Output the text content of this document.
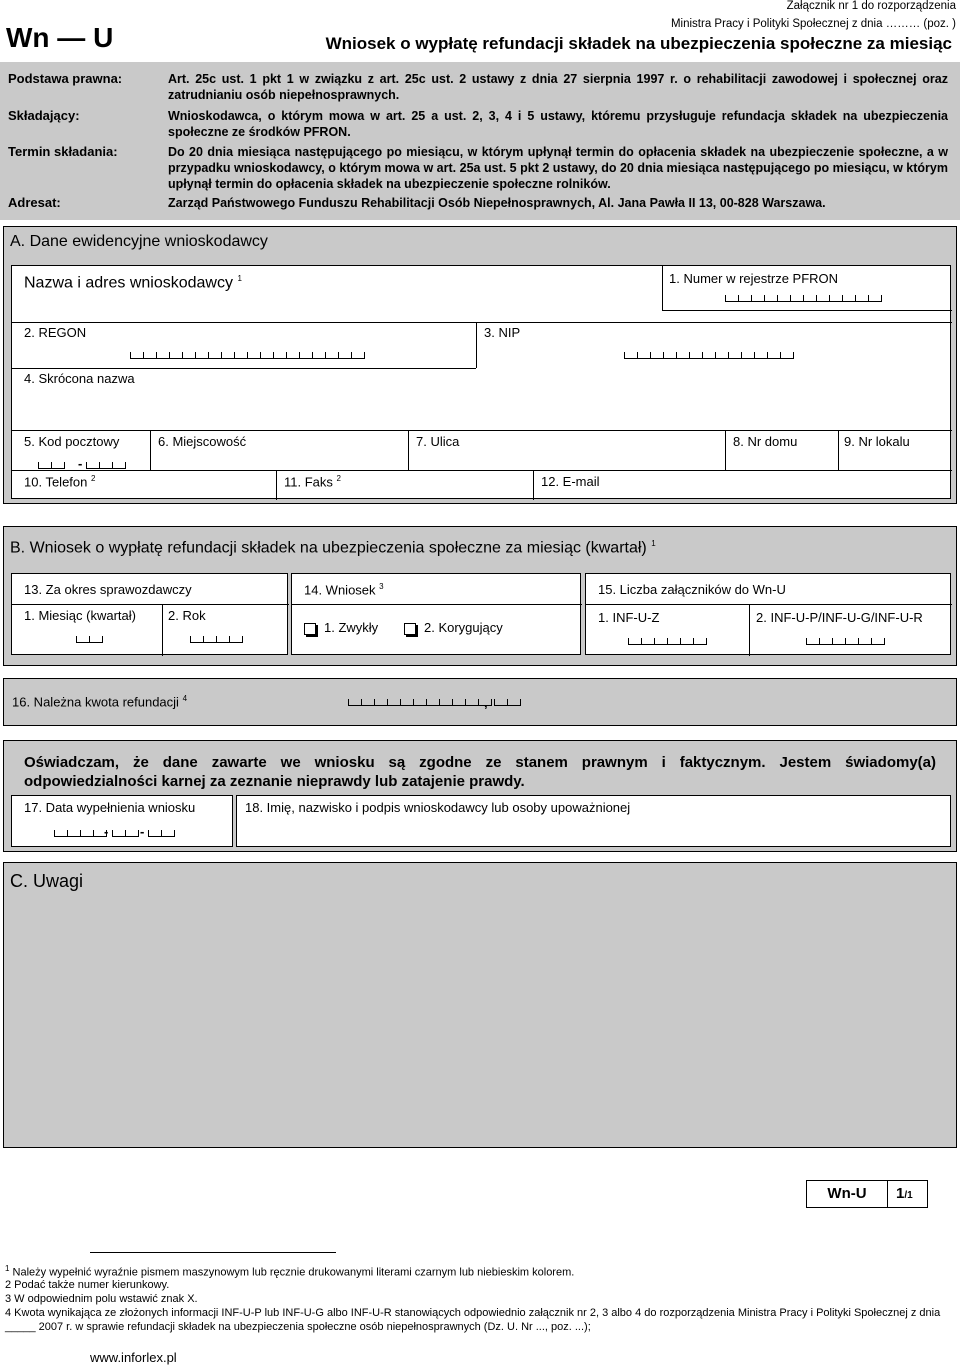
Wn — U
Załącznik nr 1 do rozporządzenia
Ministra Pracy i Polityki Społecznej z dnia ……… (poz. )
Wniosek o wypłatę refundacji składek na ubezpieczenia społeczne za miesiąc
Podstawa prawna:	Art. 25c ust. 1 pkt 1 w związku z art. 25c ust. 2 ustawy z dnia 27 sierpnia 1997 r. o rehabilitacji zawodowej i społecznej oraz zatrudnianiu osób niepełnosprawnych.
Składający:	Wnioskodawca, o którym mowa w art. 25 a ust. 2, 3, 4 i 5 ustawy, któremu przysługuje refundacja składek na ubezpieczenia społeczne ze środków PFRON.
Termin składania:	Do 20 dnia miesiąca następującego po miesiącu, w którym upłynął termin do opłacenia składek na ubezpieczenie społeczne, a w przypadku wnioskodawcy, o którym mowa w art. 25a ust. 5 pkt 2 ustawy, do 20 dnia miesiąca następującego po miesiącu, w którym upłynął termin do opłacenia składek na ubezpieczenie społeczne rolników.
Adresat:	Zarząd Państwowego Funduszu Rehabilitacji Osób Niepełnosprawnych, Al. Jana Pawła II 13, 00-828 Warszawa.
A. Dane ewidencyjne wnioskodawcy
Nazwa i adres wnioskodawcy $^1$	1. Numer w rejestrze PFRON
2. REGON	3. NIP
4. Skrócona nazwa
5. Kod pocztowy
-
6. Miejscowość	7. Ulica	8. Nr domu	9. Nr lokalu
10. Telefon $^2$	11. Faks $^2$	12. E-mail
B. Wniosek o wypłatę refundacji składek na ubezpieczenia społeczne za miesiąc (kwartał) $^1$
13. Za okres sprawozdawczy
1. Miesiąc (kwartał) 2. Rok
14. Wniosek $^3$
1. Zwykły	2. Korygujący
15. Liczba załączników do Wn-U
1. INF-U-Z	2. INF-U-P/INF-U-G/INF-U-R
16. Należna kwota refundacji $^4$	,
Oświadczam, że dane zawarte we wniosku są zgodne ze stanem prawnym i faktycznym. Jestem świadomy(a) odpowiedzialności karnej za zeznanie nieprawdy lub zatajenie prawdy.
17. Data wypełnienia wniosku
- -
18. Imię, nazwisko i podpis wnioskodawcy lub osoby upoważnionej
C. Uwagi
Wn-U	1/1
$^1$ Należy wypełnić wyraźnie pismem maszynowym lub ręcznie drukowanymi literami czarnym lub niebieskim kolorem.
2 Podać także numer kierunkowy.
3 W odpowiednim polu wstawić znak X.
4 Kwota wynikająca ze złożonych informacji INF-U-P lub INF-U-G albo INF-U-R stanowiących odpowiednio załącznik nr 2, 3 albo 4 do rozporządzenia Ministra Pracy i Polityki Społecznej z dnia _____ 2007 r. w sprawie refundacji składek na ubezpieczenia społeczne osób niepełnosprawnych (Dz. U. Nr ..., poz. ...);
www.inforlex.pl
